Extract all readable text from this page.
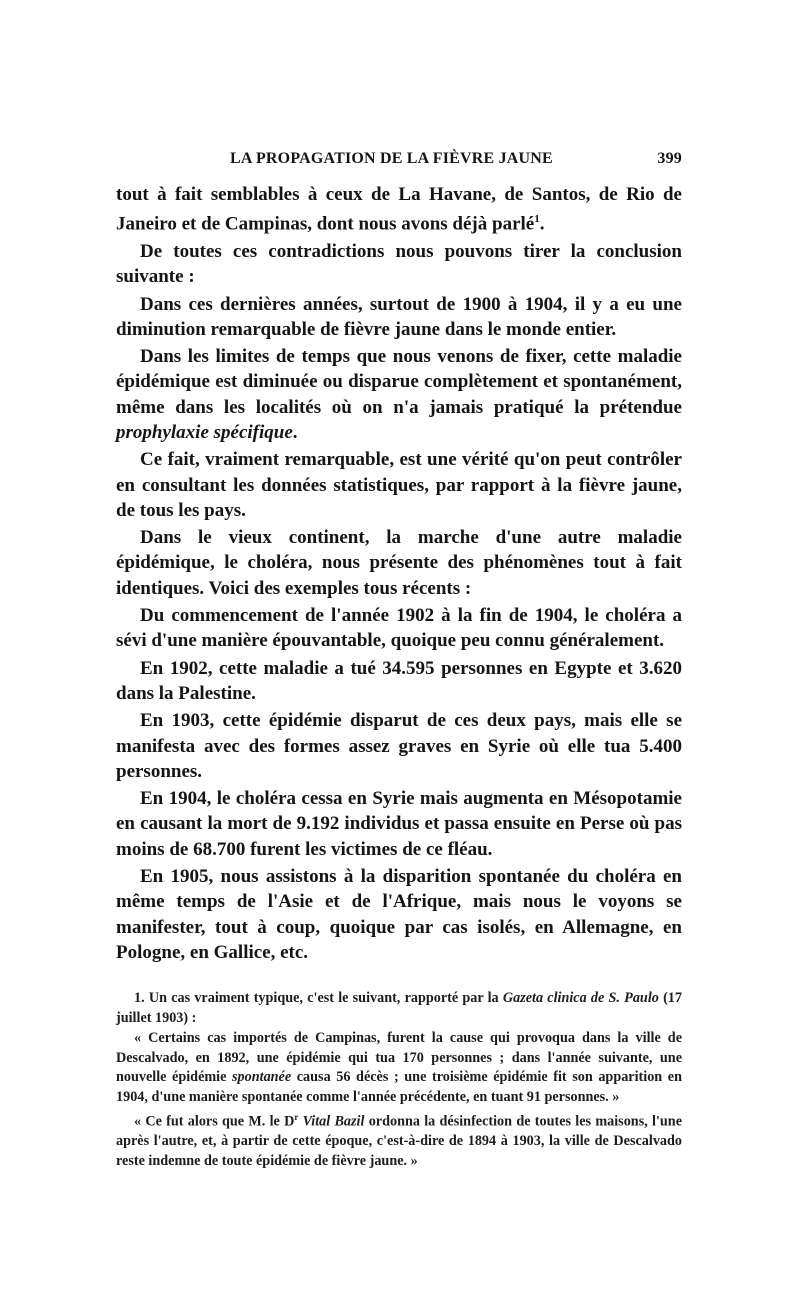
LA PROPAGATION DE LA FIÈVRE JAUNE	399

tout à fait semblables à ceux de La Havane, de Santos, de Rio de Janeiro et de Campinas, dont nous avons déjà parlé$^1$.

De toutes ces contradictions nous pouvons tirer la conclusion suivante :

Dans ces dernières années, surtout de 1900 à 1904, il y a eu une diminution remarquable de fièvre jaune dans le monde entier.

Dans les limites de temps que nous venons de fixer, cette maladie épidémique est diminuée ou disparue complètement et spontanément, même dans les localités où on n'a jamais pratiqué la prétendue prophylaxie spécifique.

Ce fait, vraiment remarquable, est une vérité qu'on peut contrôler en consultant les données statistiques, par rapport à la fièvre jaune, de tous les pays.

Dans le vieux continent, la marche d'une autre maladie épidémique, le choléra, nous présente des phénomènes tout à fait identiques. Voici des exemples tous récents :

Du commencement de l'année 1902 à la fin de 1904, le choléra a sévi d'une manière épouvantable, quoique peu connu généralement.

En 1902, cette maladie a tué 34.595 personnes en Egypte et 3.620 dans la Palestine.

En 1903, cette épidémie disparut de ces deux pays, mais elle se manifesta avec des formes assez graves en Syrie où elle tua 5.400 personnes.

En 1904, le choléra cessa en Syrie mais augmenta en Mésopotamie en causant la mort de 9.192 individus et passa ensuite en Perse où pas moins de 68.700 furent les victimes de ce fléau.

En 1905, nous assistons à la disparition spontanée du choléra en même temps de l'Asie et de l'Afrique, mais nous le voyons se manifester, tout à coup, quoique par cas isolés, en Allemagne, en Pologne, en Gallice, etc.

1. Un cas vraiment typique, c'est le suivant, rapporté par la Gazeta clinica de S. Paulo (17 juillet 1903) :

« Certains cas importés de Campinas, furent la cause qui provoqua dans la ville de Descalvado, en 1892, une épidémie qui tua 170 personnes ; dans l'année suivante, une nouvelle épidémie spontanée causa 56 décès ; une troisième épidémie fit son apparition en 1904, d'une manière spontanée comme l'année précédente, en tuant 91 personnes. »

« Ce fut alors que M. le $D^r$ Vital Bazil ordonna la désinfection de toutes les maisons, l'une après l'autre, et, à partir de cette époque, c'est-à-dire de 1894 à 1903, la ville de Descalvado reste indemne de toute épidémie de fièvre jaune. »
